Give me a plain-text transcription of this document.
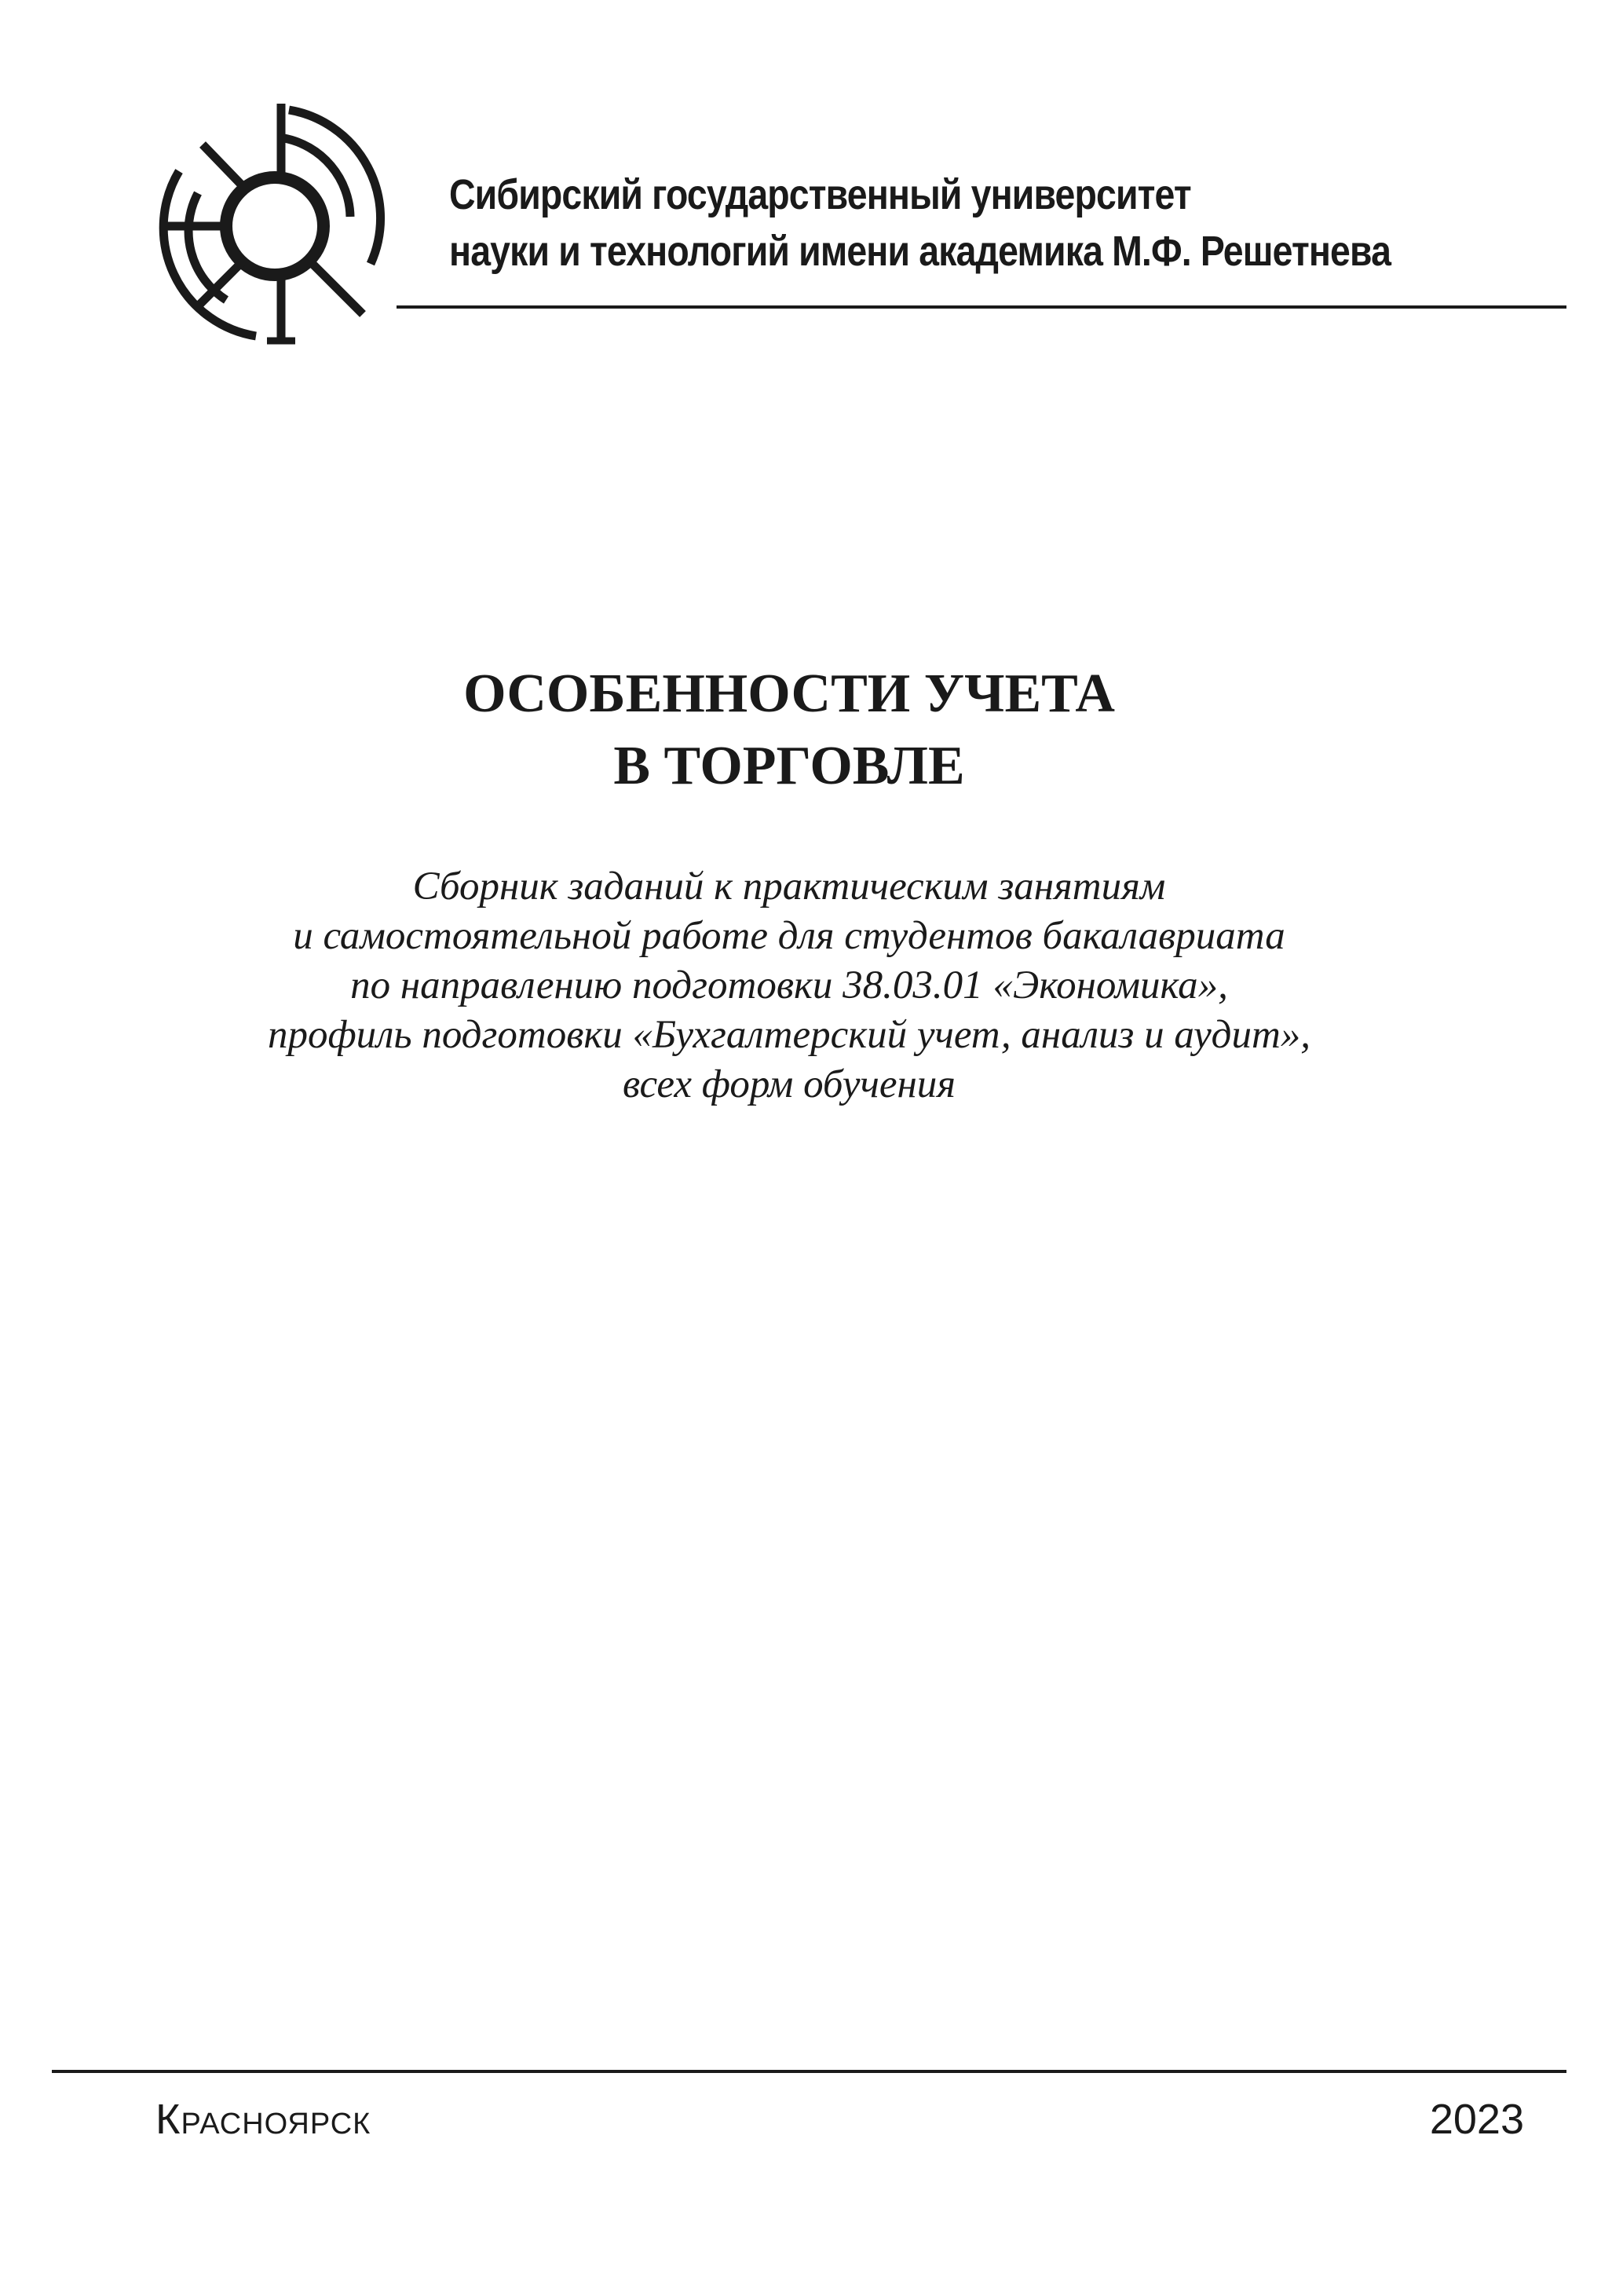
Сибирский государственный университет
науки и технологий имени академика М.Ф. Решетнева
ОСОБЕННОСТИ УЧЕТА
В ТОРГОВЛЕ
Сборник заданий к практическим занятиям
и самостоятельной работе для студентов бакалавриата
по направлению подготовки 38.03.01 «Экономика»,
профиль подготовки «Бухгалтерский учет, анализ и аудит»,
всех форм обучения
Красноярск	2023
